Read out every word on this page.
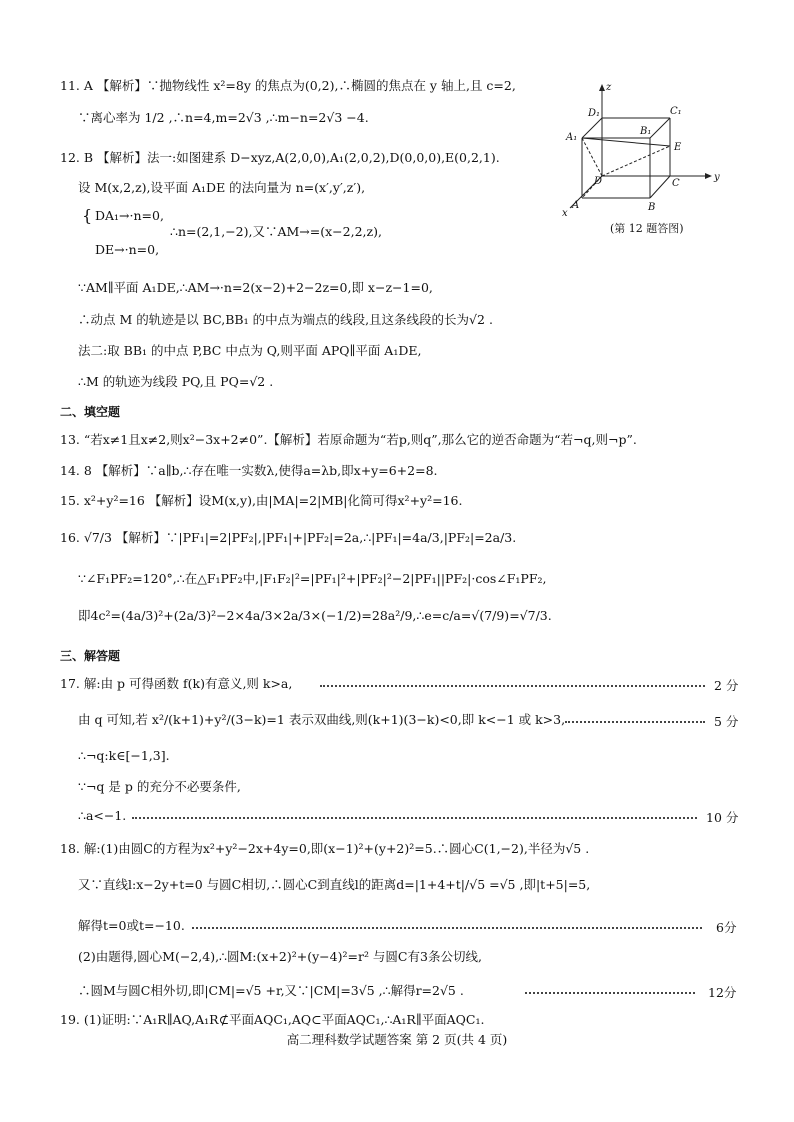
11. A 【解析】∵抛物线性 x²=8y 的焦点为(0,2),∴椭圆的焦点在 y 轴上,且 c=2,
∵离心率为 1/2 ,∴n=4,m=2√3 ,∴m−n=2√3 −4.
12. B 【解析】法一:如图建系 D−xyz,A(2,0,0),A₁(2,0,2),D(0,0,0),E(0,2,1).
设 M(x,2,z),设平面 A₁DE 的法向量为 n=(x′,y′,z′),
{ DA₁→·n=0,
∴n=(2,1,−2),又∵AM→=(x−2,2,z),
DE→·n=0,
∵AM∥平面 A₁DE,∴AM→·n=2(x−2)+2−2z=0,即 x−z−1=0,
∴动点 M 的轨迹是以 BC,BB₁ 的中点为端点的线段,且这条线段的长为√2 .
法二:取 BB₁ 的中点 P,BC 中点为 Q,则平面 APQ∥平面 A₁DE,
∴M 的轨迹为线段 PQ,且 PQ=√2 .
z
y
x
D₁	C₁
A₁
B₁
D	C
A	B
E
(第 12 题答图)
二、填空题
13. “若x≠1且x≠2,则x²−3x+2≠0”.【解析】若原命题为“若p,则q”,那么它的逆否命题为“若¬q,则¬p”.
14. 8 【解析】∵a∥b,∴存在唯一实数λ,使得a=λb,即x+y=6+2=8.
15. x²+y²=16 【解析】设M(x,y),由|MA|=2|MB|化简可得x²+y²=16.
16. √7/3 【解析】∵|PF₁|=2|PF₂|,|PF₁|+|PF₂|=2a,∴|PF₁|=4a/3,|PF₂|=2a/3.
∵∠F₁PF₂=120°,∴在△F₁PF₂中,|F₁F₂|²=|PF₁|²+|PF₂|²−2|PF₁||PF₂|·cos∠F₁PF₂,
即4c²=(4a/3)²+(2a/3)²−2×4a/3×2a/3×(−1/2)=28a²/9,∴e=c/a=√(7/9)=√7/3.
三、解答题
17. 解:由 p 可得函数 f(k)有意义,则 k>a,	2 分
由 q 可知,若 x²/(k+1)+y²/(3−k)=1 表示双曲线,则(k+1)(3−k)<0,即 k<−1 或 k>3,	5 分
∴¬q:k∈[−1,3].
∵¬q 是 p 的充分不必要条件,
∴a<−1.	10 分
18. 解:(1)由圆C的方程为x²+y²−2x+4y=0,即(x−1)²+(y+2)²=5.∴圆心C(1,−2),半径为√5 .
又∵直线l:x−2y+t=0 与圆C相切,∴圆心C到直线l的距离d=|1+4+t|/√5 =√5 ,即|t+5|=5,
解得t=0或t=−10.	6分
(2)由题得,圆心M(−2,4),∴圆M:(x+2)²+(y−4)²=r² 与圆C有3条公切线,
∴圆M与圆C相外切,即|CM|=√5 +r,又∵|CM|=3√5 ,∴解得r=2√5 .	12分
19. (1)证明:∵A₁R∥AQ,A₁R⊄平面AQC₁,AQ⊂平面AQC₁,∴A₁R∥平面AQC₁.
高二理科数学试题答案 第 2 页(共 4 页)
